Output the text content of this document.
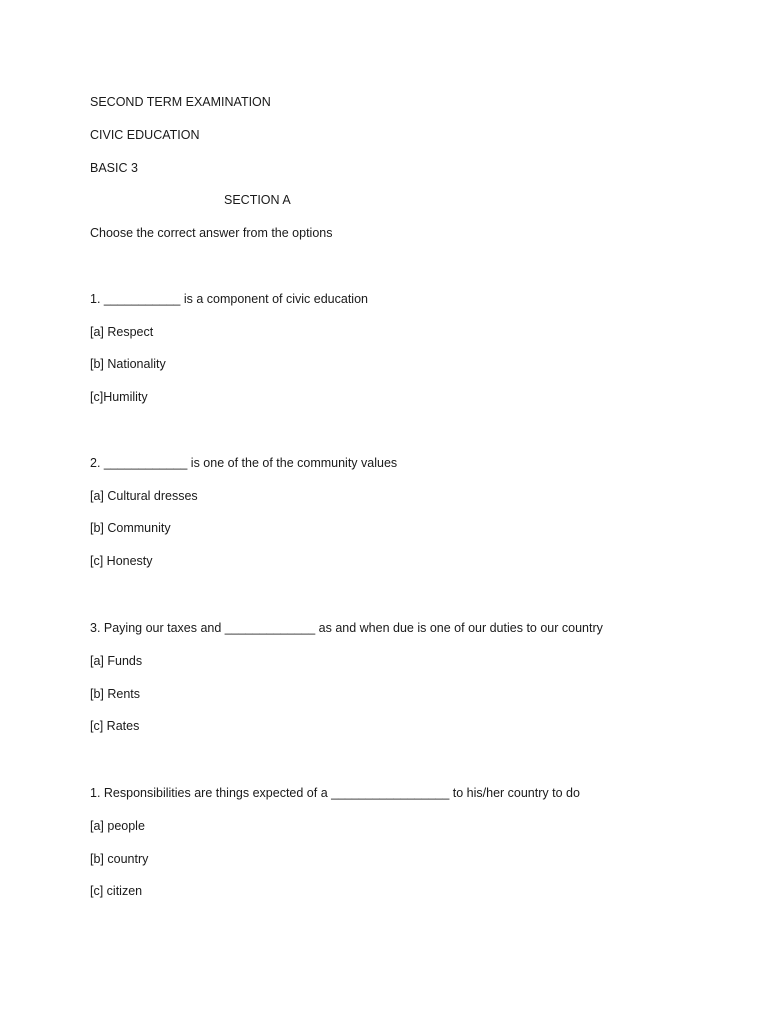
SECOND TERM EXAMINATION
CIVIC EDUCATION
BASIC 3
SECTION A
Choose the correct answer from the options
1. ___________ is a component of civic education
[a] Respect
[b] Nationality
[c]Humility
2. ____________ is one of the of the community values
[a] Cultural dresses
[b] Community
[c] Honesty
3. Paying our taxes and _____________ as and when due is one of our duties to our country
[a] Funds
[b] Rents
[c] Rates
1. Responsibilities are things expected of a _________________ to his/her country to do
[a] people
[b] country
[c] citizen
